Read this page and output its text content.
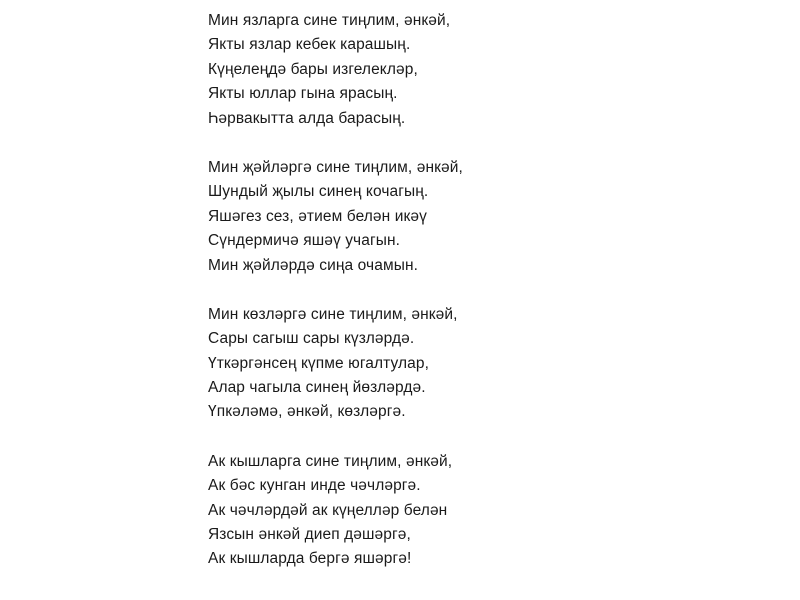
Мин язларга сине тиңлим, әнкәй,
Якты язлар кебек карашың.
Күңелеңдә бары изгелекләр,
Якты юллар гына ярасың.
Һәрвакытта алда барасың.
Мин җәйләргә сине тиңлим, әнкәй,
Шундый җылы синең кочагың.
Яшәгез сез, әтием белән икәү
Сүндермичә яшәү учагын.
Мин җәйләрдә сиңа очамын.
Мин көзләргә сине тиңлим, әнкәй,
Сары сагыш сары күзләрдә.
Үткәргәнсең күпме югалтулар,
Алар чагыла синең йөзләрдә.
Үпкәләмә, әнкәй, көзләргә.
Ак кышларга сине тиңлим, әнкәй,
Ак бәс кунган инде чәчләргә.
Ак чәчләрдәй ак күңелләр белән
Язсын әнкәй диеп дәшәргә,
Ак кышларда бергә яшәргә!
